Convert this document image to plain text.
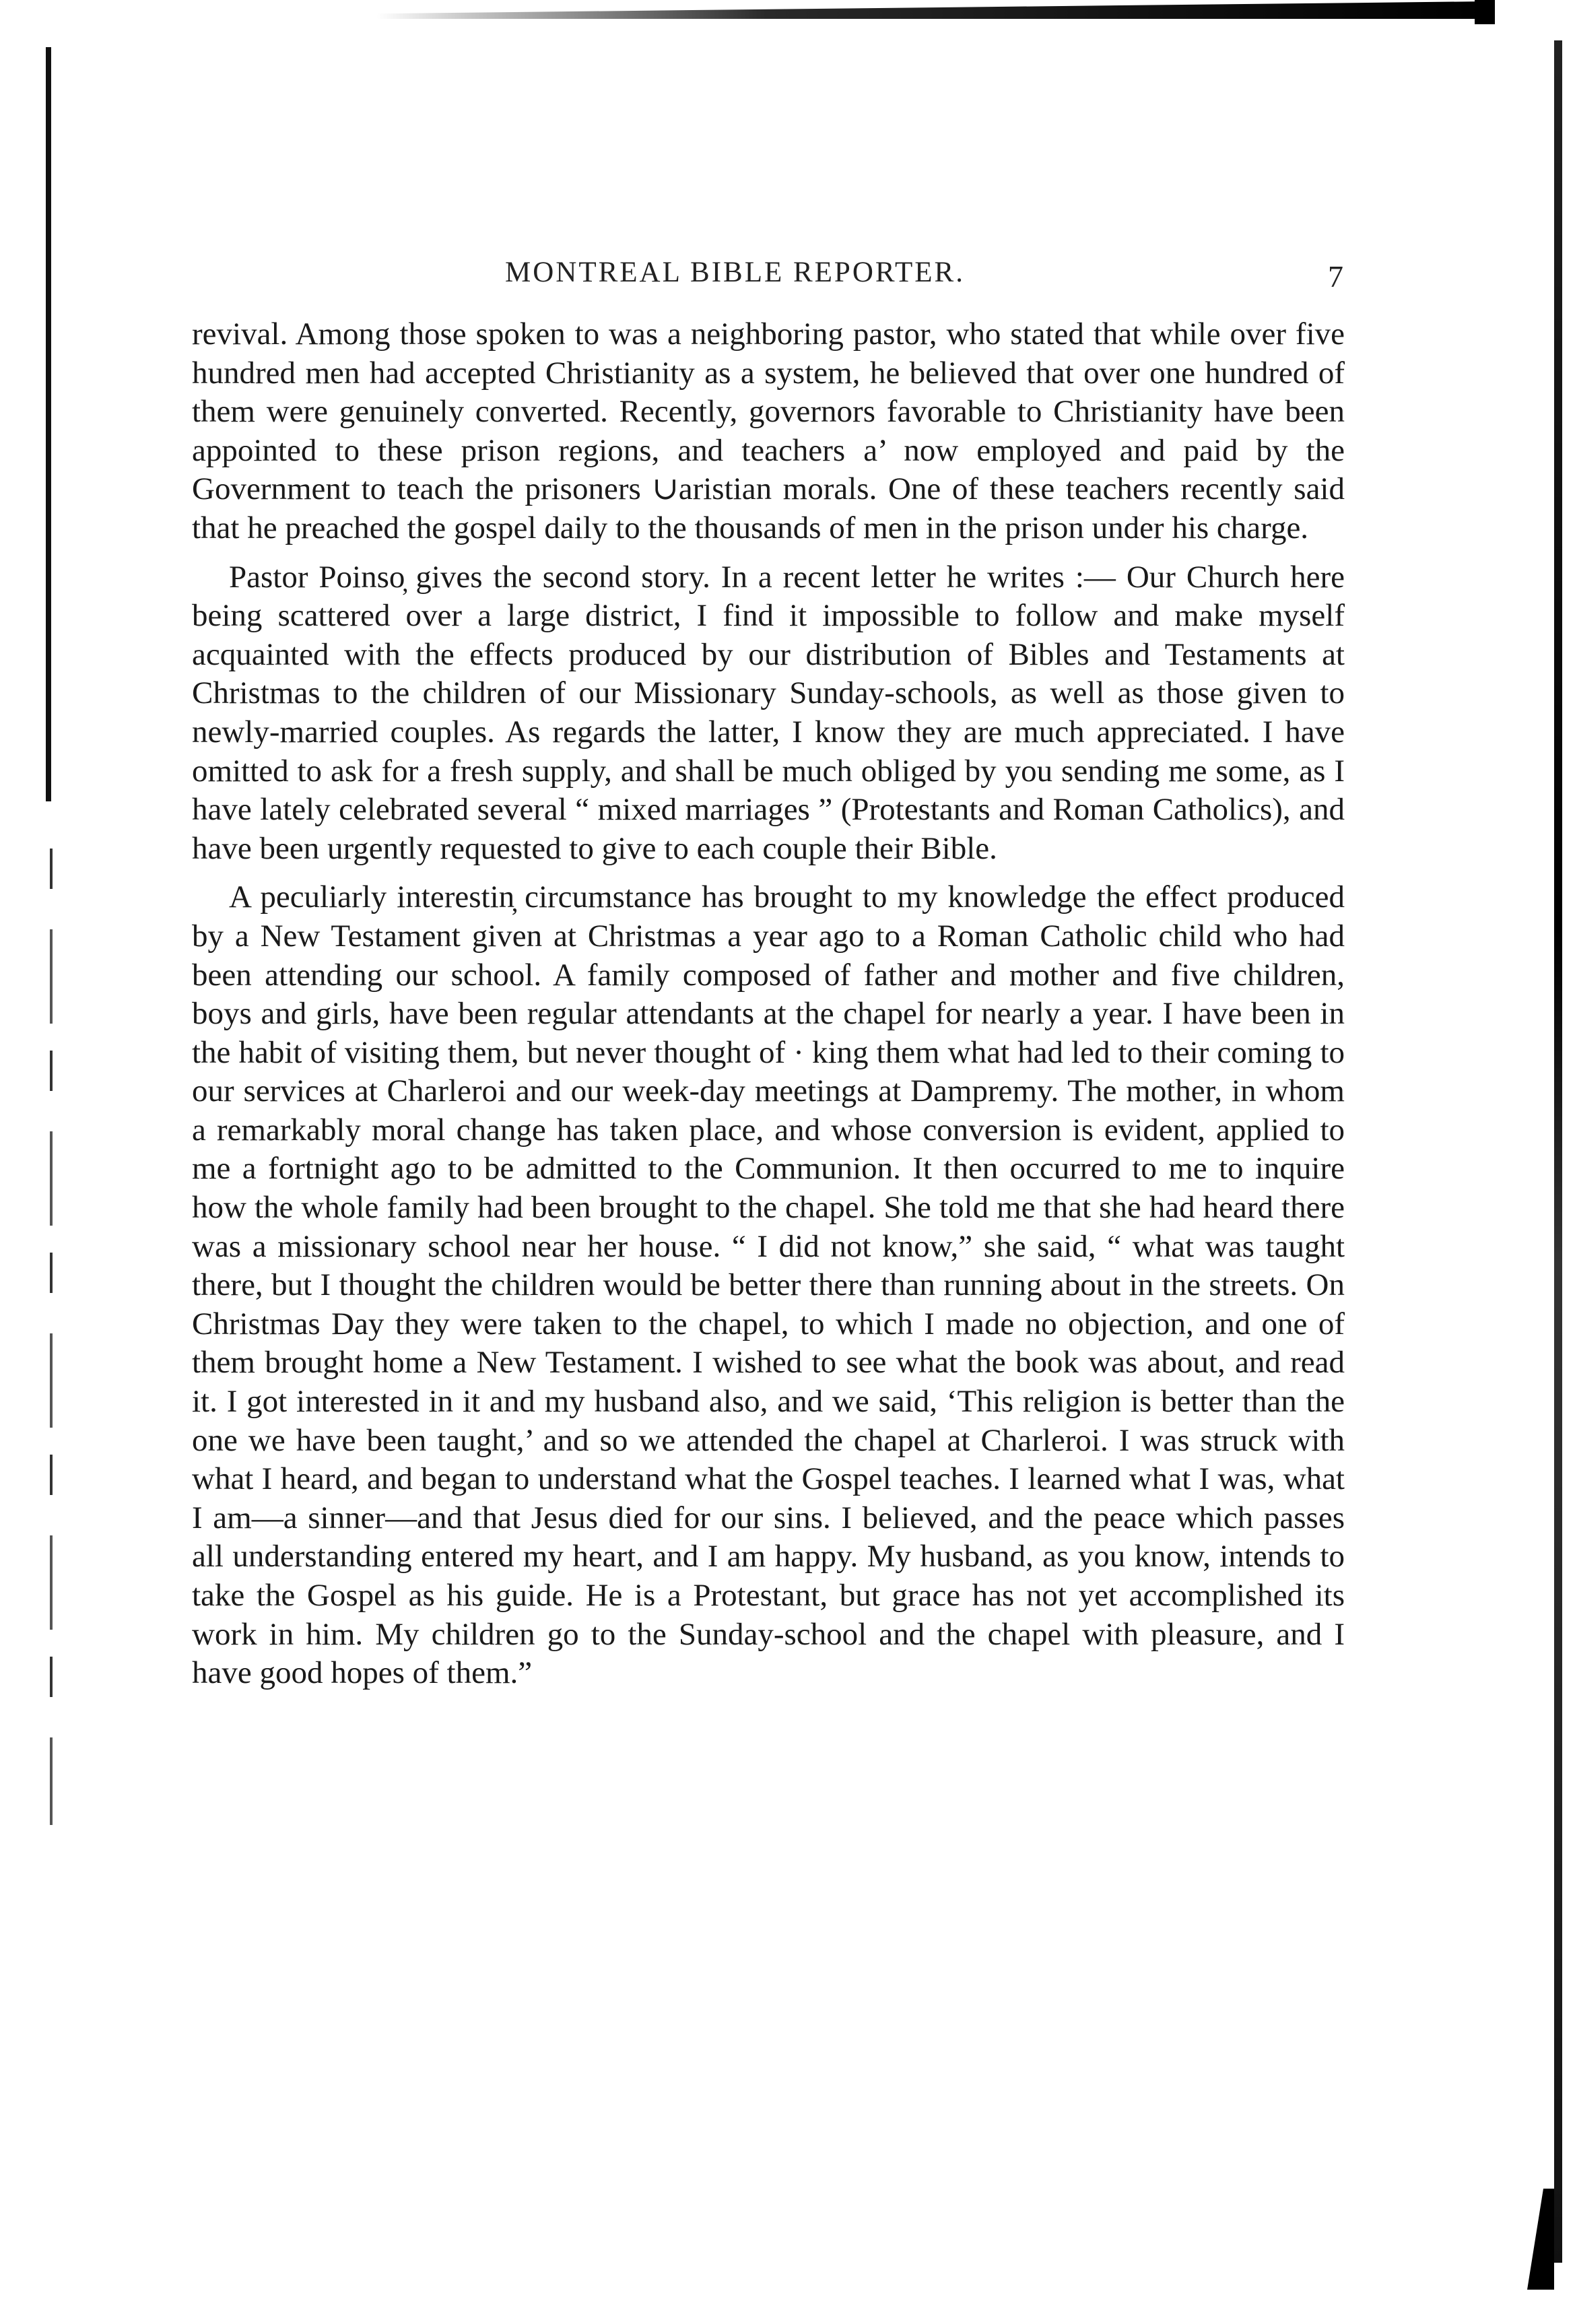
MONTREAL BIBLE REPORTER.	7

revival. Among those spoken to was a neighboring pastor, who stated that while over five hundred men had accepted Christianity as a system, he believed that over one hundred of them were genuinely converted. Recently, governors favorable to Christianity have been appointed to these prison regions, and teachers a’ now employed and paid by the Government to teach the prisoners ∪aristian morals. One of these teachers recently said that he preached the gospel daily to the thousands of men in the prison under his charge.

Pastor Poinso̦ gives the second story. In a recent letter he writes :— Our Church here being scattered over a large district, I find it impossible to follow and make myself acquainted with the effects produced by our distribution of Bibles and Testaments at Christmas to the children of our Missionary Sunday-schools, as well as those given to newly-married couples. As regards the latter, I know they are much appreciated. I have omitted to ask for a fresh supply, and shall be much obliged by you sending me some, as I have lately celebrated several “ mixed marriages ” (Protestants and Roman Catholics), and have been urgently requested to give to each couple their Bible.

A peculiarly interestin̦̦ circumstance has brought to my knowledge the effect produced by a New Testament given at Christmas a year ago to a Roman Catholic child who had been attending our school. A family composed of father and mother and five children, boys and girls, have been regular attendants at the chapel for nearly a year. I have been in the habit of visiting them, but never thought of · king them what had led to their coming to our services at Charleroi and our week-day meetings at Dampremy. The mother, in whom a remarkably moral change has taken place, and whose conversion is evident, applied to me a fortnight ago to be admitted to the Communion. It then occurred to me to inquire how the whole family had been brought to the chapel. She told me that she had heard there was a missionary school near her house. “ I did not know,” she said, “ what was taught there, but I thought the children would be better there than running about in the streets. On Christmas Day they were taken to the chapel, to which I made no objection, and one of them brought home a New Testament. I wished to see what the book was about, and read it. I got interested in it and my husband also, and we said, ‘This religion is better than the one we have been taught,’ and so we attended the chapel at Charleroi. I was struck with what I heard, and began to understand what the Gospel teaches. I learned what I was, what I am—a sinner—and that Jesus died for our sins. I believed, and the peace which passes all understanding entered my heart, and I am happy. My husband, as you know, intends to take the Gospel as his guide. He is a Protestant, but grace has not yet accomplished its work in him. My children go to the Sunday-school and the chapel with pleasure, and I have good hopes of them.”
